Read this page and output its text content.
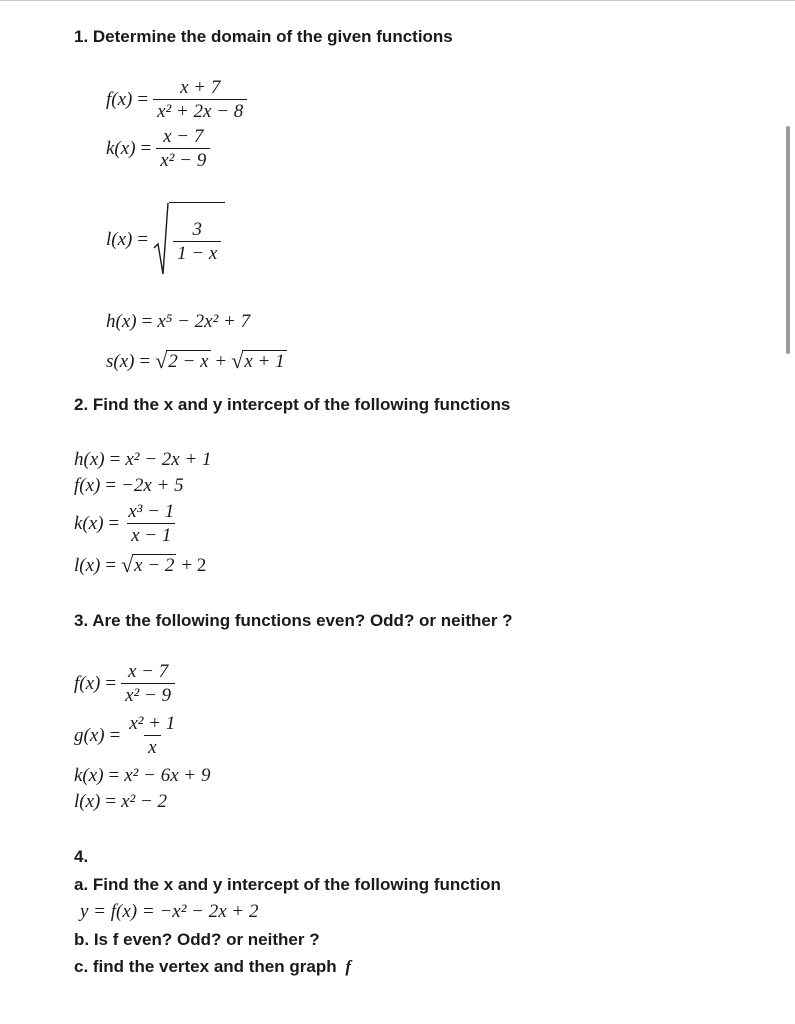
1. Determine the domain of the given functions
$f(x) = \frac{x + 7}{\text{x² + 2x − 8}}$
$k(x) = \frac{x - 7}{\text{x² − 9}}$
$l(x) = \frac{3}{1 - x}$
h(x) = x⁵ − 2x² + 7
s(x) = √ 2 − x + √ x + 1
2. Find the x and y intercept of the following functions
h(x) = x² − 2x + 1
f(x) = −2x + 5
$k(x) = \frac{\text{x³ − 1}}{x - 1}$
l(x) = √ x − 2 + 2
3. Are the following functions even? Odd? or neither ?
$f(x) = \frac{x - 7}{\text{x² − 9}}$
$g(x) = \frac{\text{x² + 1}}{x}$
k(x) = x² − 6x + 9
l(x) = x² − 2
4.
a. Find the x and y intercept of the following function
y = f(x) = −x² − 2x + 2
b. Is f even? Odd? or neither ?
c. find the vertex and then graph f
